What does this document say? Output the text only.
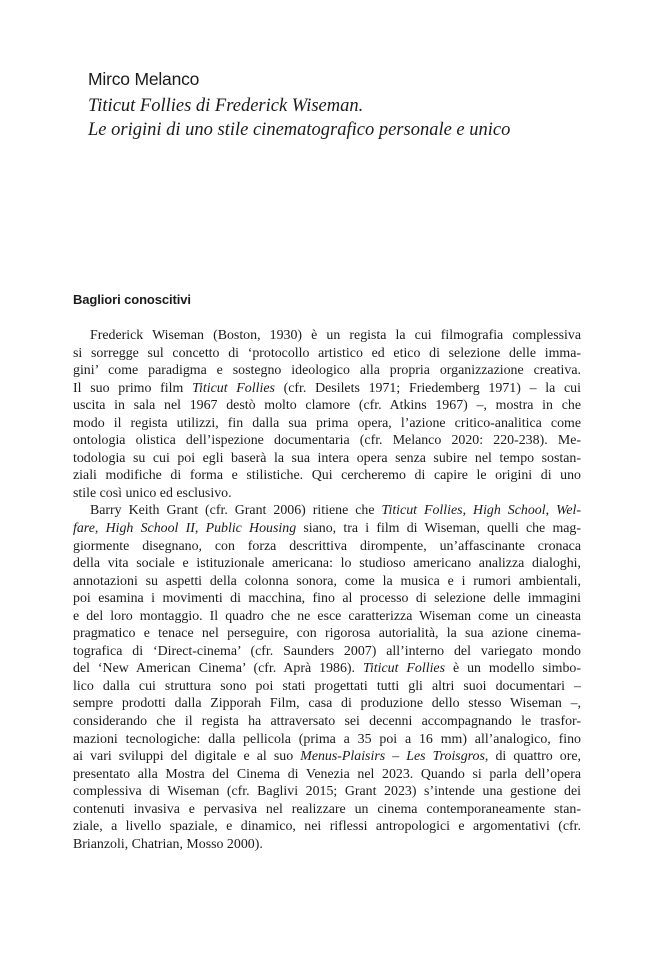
Mirco Melanco
Titicut Follies di Frederick Wiseman.
Le origini di uno stile cinematografico personale e unico
Bagliori conoscitivi
Frederick Wiseman (Boston, 1930) è un regista la cui filmografia complessiva
si sorregge sul concetto di ‘protocollo artistico ed etico di selezione delle imma-
gini’ come paradigma e sostegno ideologico alla propria organizzazione creativa.
Il suo primo film Titicut Follies (cfr. Desilets 1971; Friedemberg 1971) – la cui
uscita in sala nel 1967 destò molto clamore (cfr. Atkins 1967) –, mostra in che
modo il regista utilizzi, fin dalla sua prima opera, l’azione critico-analitica come
ontologia olistica dell’ispezione documentaria (cfr. Melanco 2020: 220-238). Me-
todologia su cui poi egli baserà la sua intera opera senza subire nel tempo sostan-
ziali modifiche di forma e stilistiche. Qui cercheremo di capire le origini di uno
stile così unico ed esclusivo.
Barry Keith Grant (cfr. Grant 2006) ritiene che Titicut Follies, High School, Wel-
fare, High School II, Public Housing siano, tra i film di Wiseman, quelli che mag-
giormente disegnano, con forza descrittiva dirompente, un’affascinante cronaca
della vita sociale e istituzionale americana: lo studioso americano analizza dialoghi,
annotazioni su aspetti della colonna sonora, come la musica e i rumori ambientali,
poi esamina i movimenti di macchina, fino al processo di selezione delle immagini
e del loro montaggio. Il quadro che ne esce caratterizza Wiseman come un cineasta
pragmatico e tenace nel perseguire, con rigorosa autorialità, la sua azione cinema-
tografica di ‘Direct-cinema’ (cfr. Saunders 2007) all’interno del variegato mondo
del ‘New American Cinema’ (cfr. Aprà 1986). Titicut Follies è un modello simbo-
lico dalla cui struttura sono poi stati progettati tutti gli altri suoi documentari –
sempre prodotti dalla Zipporah Film, casa di produzione dello stesso Wiseman –,
considerando che il regista ha attraversato sei decenni accompagnando le trasfor-
mazioni tecnologiche: dalla pellicola (prima a 35 poi a 16 mm) all’analogico, fino
ai vari sviluppi del digitale e al suo Menus-Plaisirs – Les Troisgros, di quattro ore,
presentato alla Mostra del Cinema di Venezia nel 2023. Quando si parla dell’opera
complessiva di Wiseman (cfr. Baglivi 2015; Grant 2023) s’intende una gestione dei
contenuti invasiva e pervasiva nel realizzare un cinema contemporaneamente stan-
ziale, a livello spaziale, e dinamico, nei riflessi antropologici e argomentativi (cfr.
Brianzoli, Chatrian, Mosso 2000).
